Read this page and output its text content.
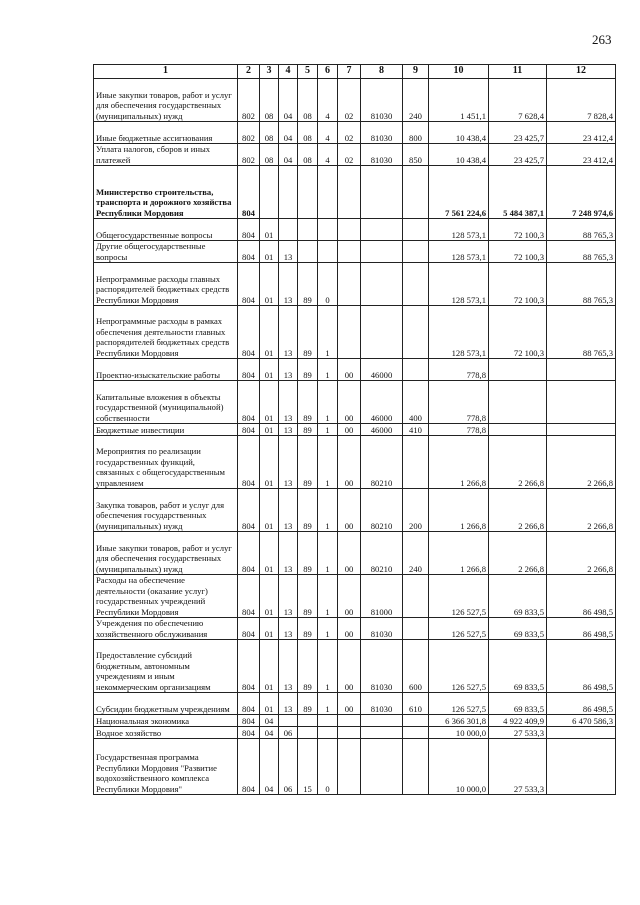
263
1	2	3	4	5	6	7	8	9	10	11	12
Иные закупки товаров, работ и услуг для обеспечения государственных (муниципальных) нужд	802	08	04	08	4	02	81030	240	1 451,1	7 628,4	7 828,4
Иные бюджетные ассигнования	802	08	04	08	4	02	81030	800	10 438,4	23 425,7	23 412,4
Уплата налогов, сборов и иных платежей	802	08	04	08	4	02	81030	850	10 438,4	23 425,7	23 412,4
Министерство строительства, транспорта и дорожного хозяйства Республики Мордовия	804								7 561 224,6	5 484 387,1	7 248 974,6
Общегосударственные вопросы	804	01							128 573,1	72 100,3	88 765,3
Другие общегосударственные вопросы	804	01	13						128 573,1	72 100,3	88 765,3
Непрограммные расходы главных распорядителей бюджетных средств Республики Мордовия	804	01	13	89	0				128 573,1	72 100,3	88 765,3
Непрограммные расходы в рамках обеспечения деятельности главных распорядителей бюджетных средств Республики Мордовия	804	01	13	89	1				128 573,1	72 100,3	88 765,3
Проектно-изыскательские работы	804	01	13	89	1	00	46000		778,8		
Капитальные вложения в объекты государственной (муниципальной) собственности	804	01	13	89	1	00	46000	400	778,8		
Бюджетные инвестиции	804	01	13	89	1	00	46000	410	778,8		
Мероприятия по реализации государственных функций, связанных с общегосударственным управлением	804	01	13	89	1	00	80210		1 266,8	2 266,8	2 266,8
Закупка товаров, работ и услуг для обеспечения государственных (муниципальных) нужд	804	01	13	89	1	00	80210	200	1 266,8	2 266,8	2 266,8
Иные закупки товаров, работ и услуг для обеспечения государственных (муниципальных) нужд	804	01	13	89	1	00	80210	240	1 266,8	2 266,8	2 266,8
Расходы на обеспечение деятельности (оказание услуг) государственных учреждений Республики Мордовия	804	01	13	89	1	00	81000		126 527,5	69 833,5	86 498,5
Учреждения по обеспечению хозяйственного обслуживания	804	01	13	89	1	00	81030		126 527,5	69 833,5	86 498,5
Предоставление субсидий бюджетным, автономным учреждениям и иным некоммерческим организациям	804	01	13	89	1	00	81030	600	126 527,5	69 833,5	86 498,5
Субсидии бюджетным учреждениям	804	01	13	89	1	00	81030	610	126 527,5	69 833,5	86 498,5
Национальная экономика	804	04							6 366 301,8	4 922 409,9	6 470 586,3
Водное хозяйство	804	04	06						10 000,0	27 533,3	
Государственная программа Республики Мордовия "Развитие водохозяйственного комплекса Республики Мордовия"	804	04	06	15	0				10 000,0	27 533,3	
